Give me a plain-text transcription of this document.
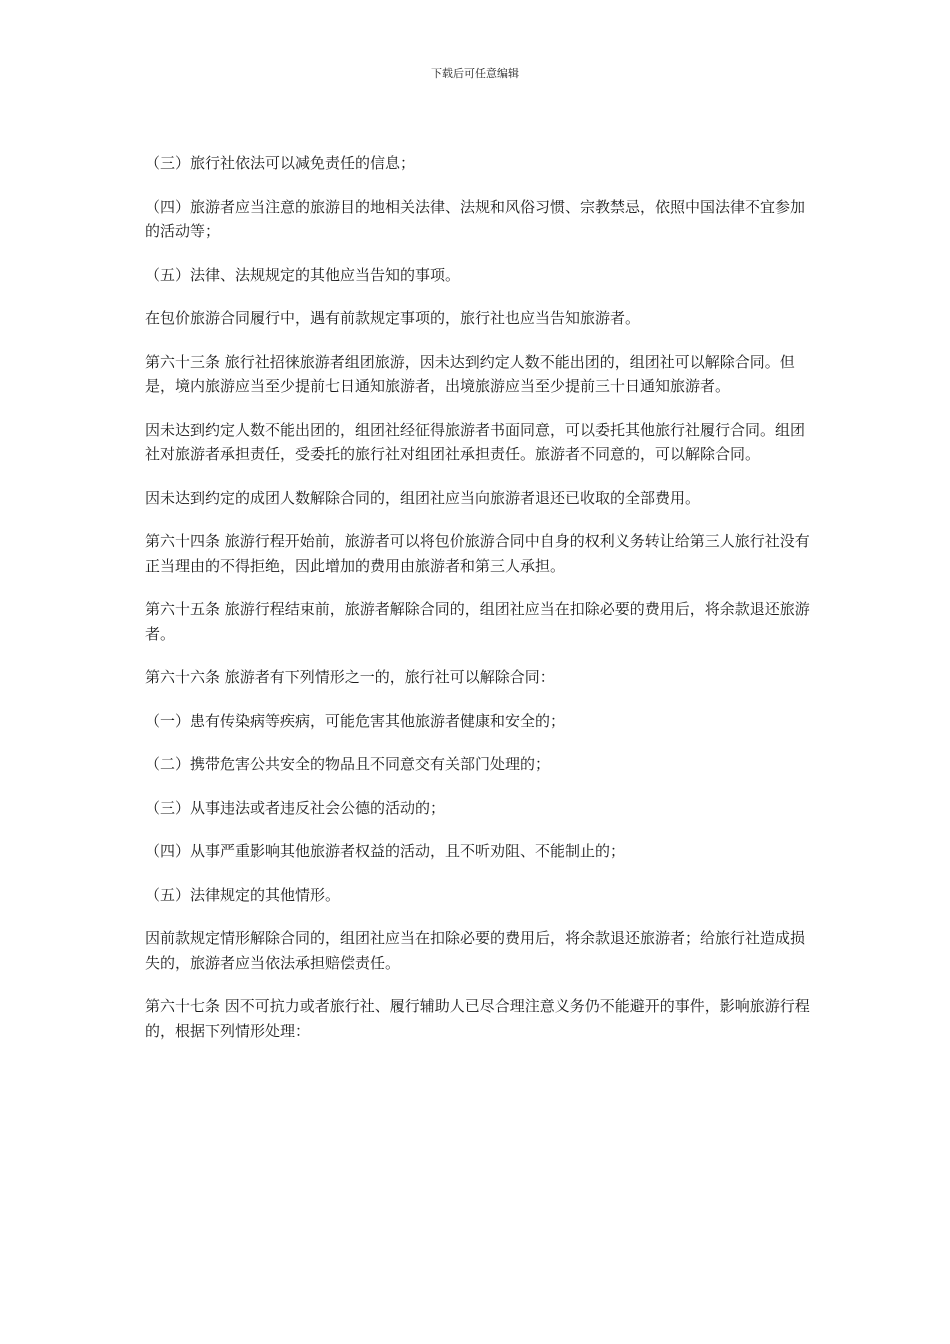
下载后可任意编辑

（三）旅行社依法可以减免责任的信息；

（四）旅游者应当注意的旅游目的地相关法律、法规和风俗习惯、宗教禁忌，依照中国法律不宜参加的活动等；

（五）法律、法规规定的其他应当告知的事项。

在包价旅游合同履行中，遇有前款规定事项的，旅行社也应当告知旅游者。

第六十三条 旅行社招徕旅游者组团旅游，因未达到约定人数不能出团的，组团社可以解除合同。但是，境内旅游应当至少提前七日通知旅游者，出境旅游应当至少提前三十日通知旅游者。

因未达到约定人数不能出团的，组团社经征得旅游者书面同意，可以委托其他旅行社履行合同。组团社对旅游者承担责任，受委托的旅行社对组团社承担责任。旅游者不同意的，可以解除合同。

因未达到约定的成团人数解除合同的，组团社应当向旅游者退还已收取的全部费用。

第六十四条 旅游行程开始前，旅游者可以将包价旅游合同中自身的权利义务转让给第三人旅行社没有正当理由的不得拒绝，因此增加的费用由旅游者和第三人承担。

第六十五条 旅游行程结束前，旅游者解除合同的，组团社应当在扣除必要的费用后，将余款退还旅游者。

第六十六条 旅游者有下列情形之一的，旅行社可以解除合同：

（一）患有传染病等疾病，可能危害其他旅游者健康和安全的；

（二）携带危害公共安全的物品且不同意交有关部门处理的；

（三）从事违法或者违反社会公德的活动的；

（四）从事严重影响其他旅游者权益的活动，且不听劝阻、不能制止的；

（五）法律规定的其他情形。

因前款规定情形解除合同的，组团社应当在扣除必要的费用后，将余款退还旅游者；给旅行社造成损失的，旅游者应当依法承担赔偿责任。

第六十七条 因不可抗力或者旅行社、履行辅助人已尽合理注意义务仍不能避开的事件，影响旅游行程的，根据下列情形处理：
